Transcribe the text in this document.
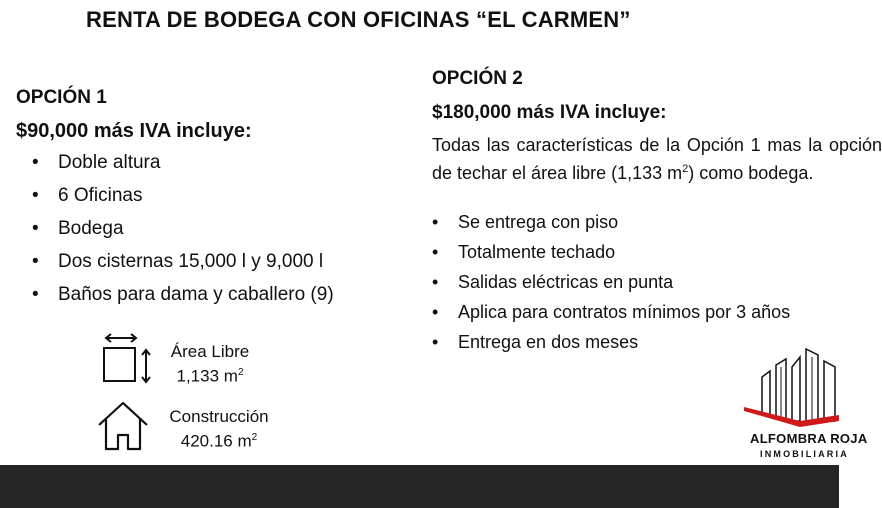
RENTA DE BODEGA CON OFICINAS “EL CARMEN”
OPCIÓN 1
$90,000 más IVA incluye:
• Doble altura
• 6 Oficinas
• Bodega
• Dos cisternas 15,000 l y 9,000 l
• Baños para dama y caballero (9)
OPCIÓN 2
$180,000 más IVA incluye:
Todas las características de la Opción 1 mas la opción de techar el área libre (1,133 $m^2$) como bodega.
• Se entrega con piso
• Totalmente techado
• Salidas eléctricas en punta
• Aplica para contratos mínimos por 3 años
• Entrega en dos meses
Área Libre
1,133 $m^2$
Construcción
420.16 $m^2$	ALFOMBRA ROJA
INMOBILIARIA
